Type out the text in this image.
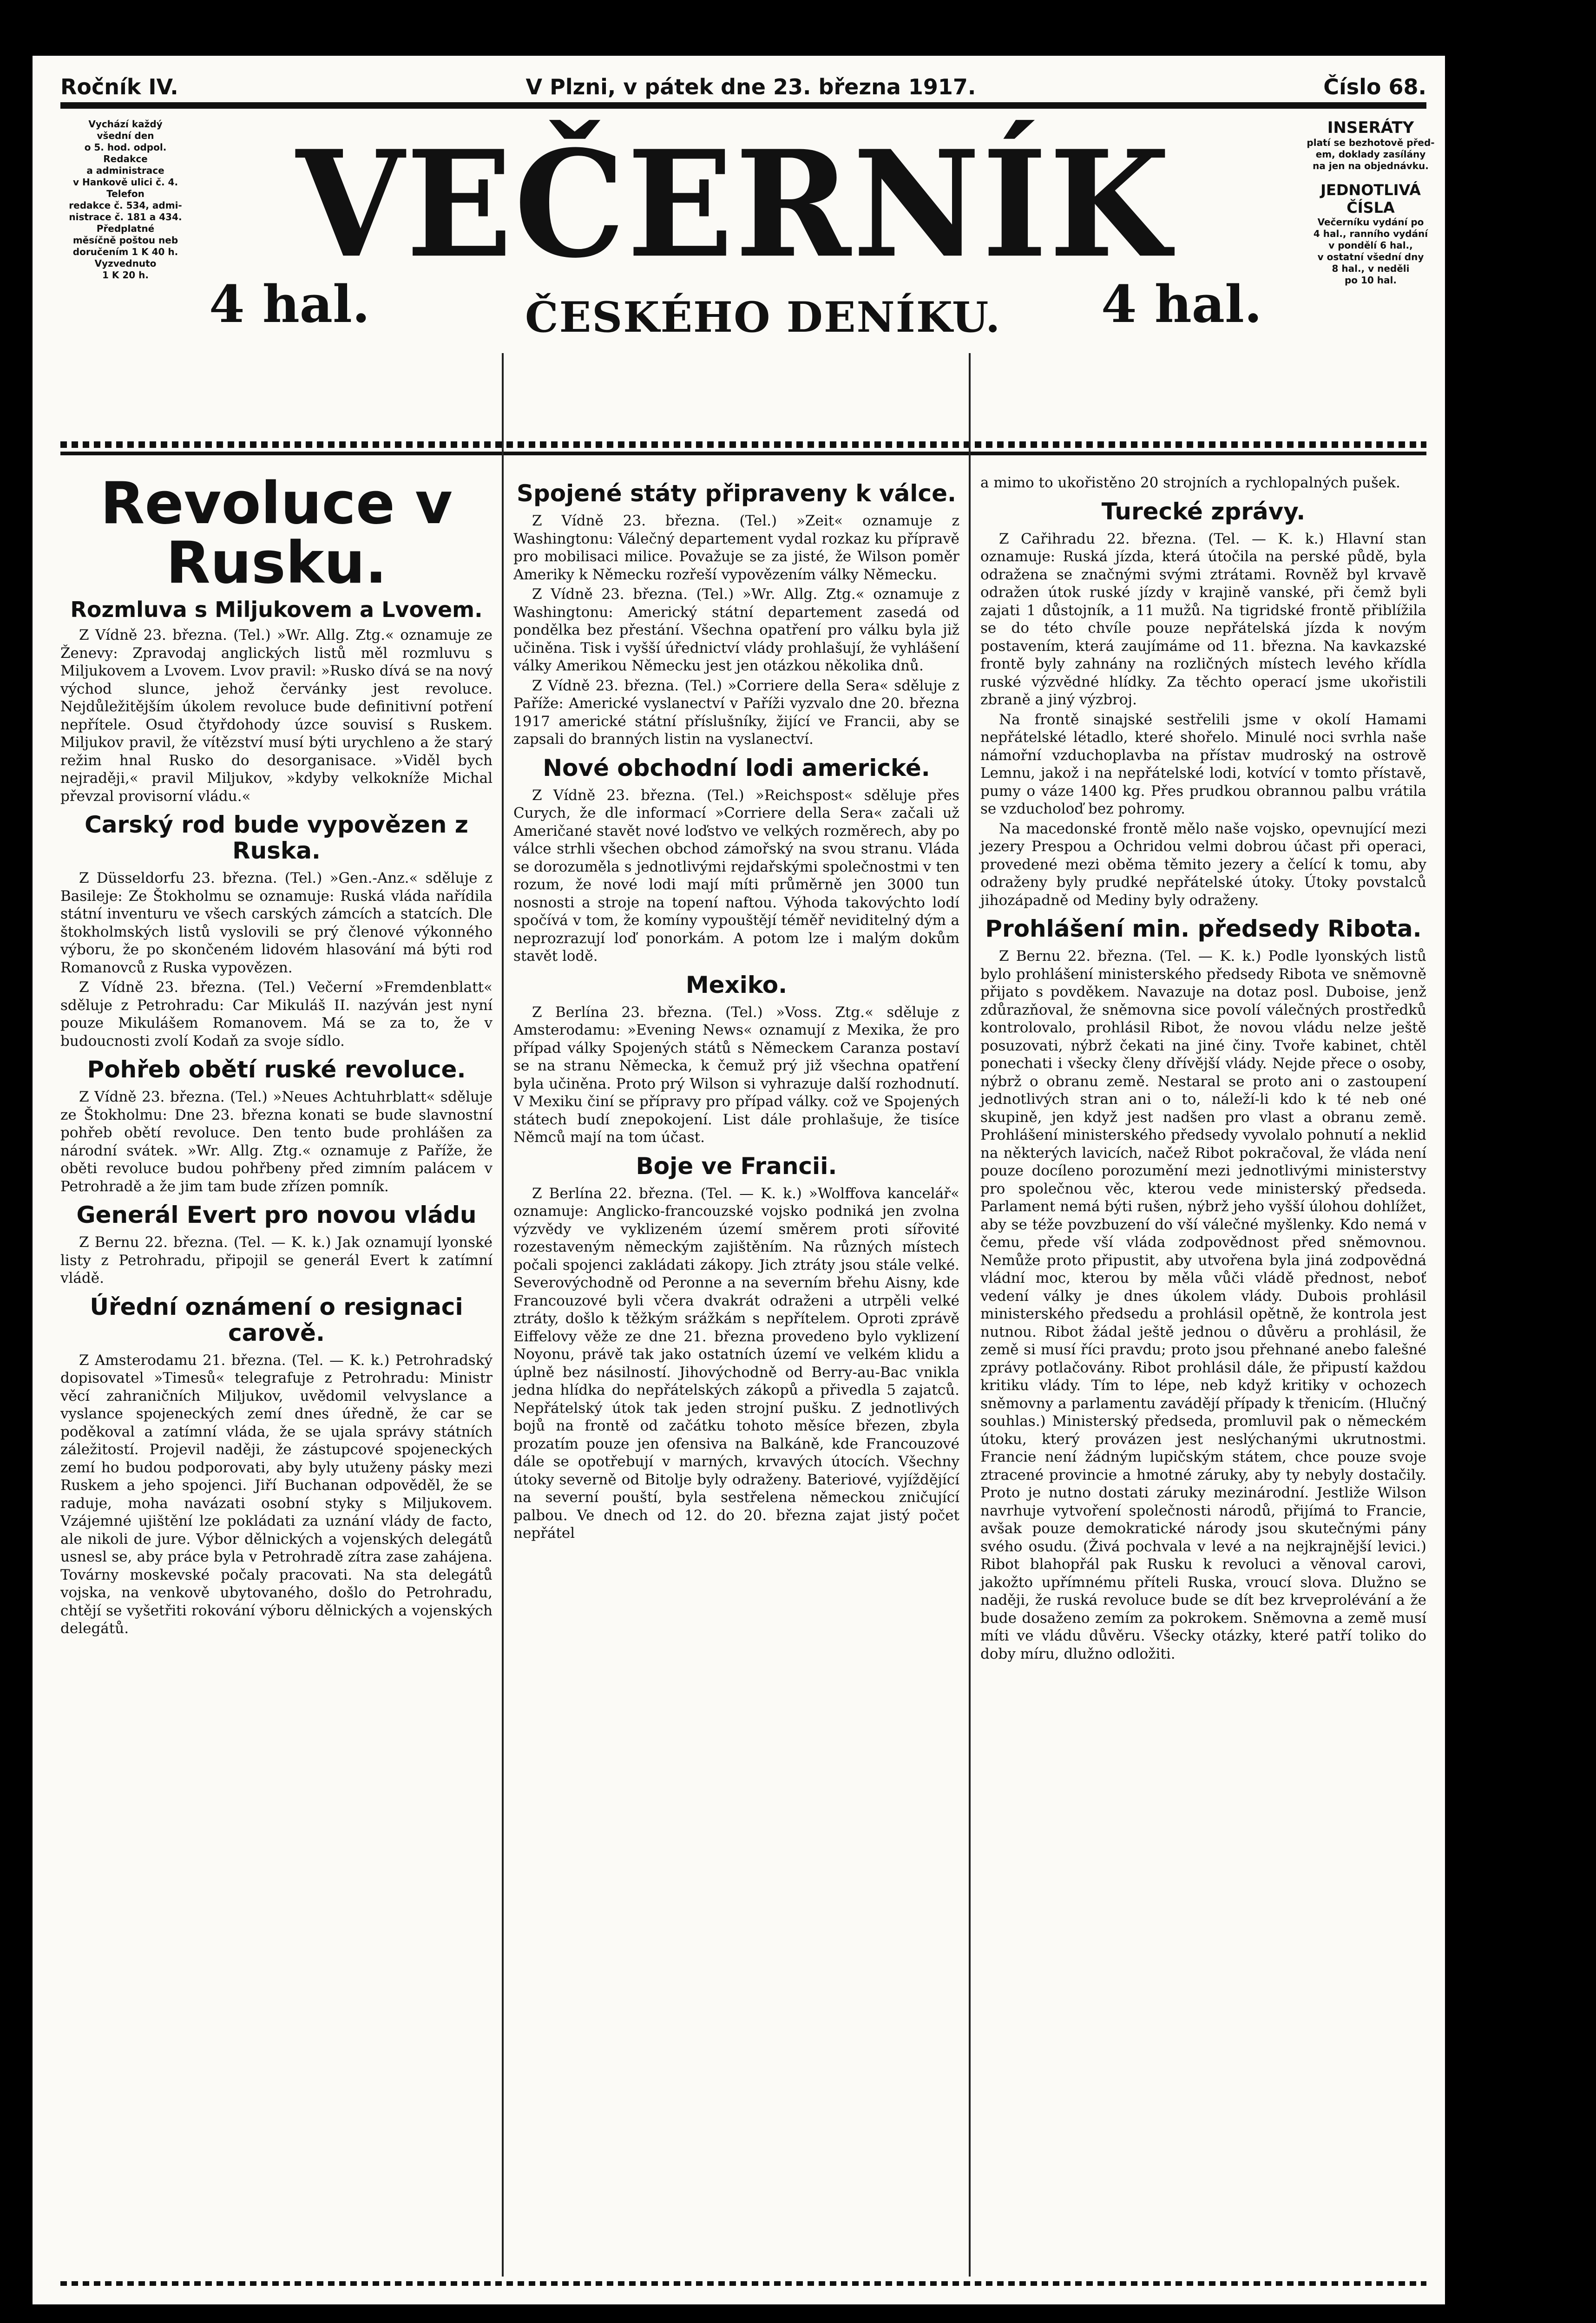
Ročník IV.	V Plzni, v pátek dne 23. března 1917.	Číslo 68.
Vychází každý
všední den
o 5. hod. odpol.
Redakce
a administrace
v Hankově ulici č. 4.
Telefon
redakce č. 534, admi-
nistrace č. 181 a 434.
Předplatné
měsíčně poštou neb
doručením 1 K 40 h.
Vyzvednuto
1 K 20 h.	VEČERNÍK
4 hal.	ČESKÉHO DENÍKU. 4 hal.
INSERÁTY
platí se bezhotově před-
em, doklady zasílány
na jen na objednávku.
JEDNOTLIVÁ ČÍSLA
Večerníku vydání po
4 hal., ranního vydání
v pondělí 6 hal.,
v ostatní všední dny
8 hal., v neděli
po 10 hal.
Revoluce v Rusku.
Rozmluva s Miljukovem a Lvovem.

Z Vídně 23. března. (Tel.) »Wr. Allg. Ztg.« oznamuje ze Ženevy: Zpravodaj anglických listů měl rozmluvu s Miljukovem a Lvovem. Lvov pravil: »Rusko dívá se na nový východ slunce, jehož červánky jest revoluce. Nejdůležitějším úkolem revoluce bude definitivní potření nepřítele. Osud čtyřdohody úzce souvisí s Ruskem. Miljukov pravil, že vítězství musí býti urychleno a že starý režim hnal Rusko do desorganisace. »Viděl bych nejraději,« pravil Miljukov, »kdyby velkokníže Michal převzal provisorní vládu.«

Carský rod bude vypovězen z Ruska.

Z Düsseldorfu 23. března. (Tel.) »Gen.-Anz.« sděluje z Basileje: Ze Štokholmu se oznamuje: Ruská vláda nařídila státní inventuru ve všech carských zámcích a statcích. Dle štokholmských listů vyslovili se prý členové výkonného výboru, že po skončeném lidovém hlasování má býti rod Romanovců z Ruska vypovězen.

Z Vídně 23. března. (Tel.) Večerní »Fremdenblatt« sděluje z Petrohradu: Car Mikuláš II. nazýván jest nyní pouze Mikulášem Romanovem. Má se za to, že v budoucnosti zvolí Kodaň za svoje sídlo.

Pohřeb obětí ruské revoluce.

Z Vídně 23. března. (Tel.) »Neues Achtuhrblatt« sděluje ze Štokholmu: Dne 23. března konati se bude slavnostní pohřeb obětí revoluce. Den tento bude prohlášen za národní svátek. »Wr. Allg. Ztg.« oznamuje z Paříže, že oběti revoluce budou pohřbeny před zimním palácem v Petrohradě a že jim tam bude zřízen pomník.

Generál Evert pro novou vládu

Z Bernu 22. března. (Tel. — K. k.) Jak oznamují lyonské listy z Petrohradu, připojil se generál Evert k zatímní vládě.

Úřední oznámení o resignaci carově.

Z Amsterodamu 21. března. (Tel. — K. k.) Petrohradský dopisovatel »Timesů« telegrafuje z Petrohradu: Ministr věcí zahraničních Miljukov, uvědomil velvyslance a vyslance spojeneckých zemí dnes úředně, že car se poděkoval a zatímní vláda, že se ujala správy státních záležitostí. Projevil naději, že zástupcové spojeneckých zemí ho budou podporovati, aby byly utuženy pásky mezi Ruskem a jeho spojenci. Jiří Buchanan odpověděl, že se raduje, moha navázati osobní styky s Miljukovem. Vzájemné ujištění lze pokládati za uznání vlády de facto, ale nikoli de jure. Výbor dělnických a vojenských delegátů usnesl se, aby práce byla v Petrohradě zítra zase zahájena. Továrny moskevské počaly pracovati. Na sta delegátů vojska, na venkově ubytovaného, došlo do Petrohradu, chtějí se vyšetřiti rokování výboru dělnických a vojenských delegátů.

Spojené státy připraveny k válce.

Z Vídně 23. března. (Tel.) »Zeit« oznamuje z Washingtonu: Válečný departement vydal rozkaz ku přípravě pro mobilisaci milice. Považuje se za jisté, že Wilson poměr Ameriky k Německu rozřeší vypovězením války Německu.

Z Vídně 23. března. (Tel.) »Wr. Allg. Ztg.« oznamuje z Washingtonu: Americký státní departement zasedá od pondělka bez přestání. Všechna opatření pro válku byla již učiněna. Tisk i vyšší úřednictví vlády prohlašují, že vyhlášení války Amerikou Německu jest jen otázkou několika dnů.

Z Vídně 23. března. (Tel.) »Corriere della Sera« sděluje z Paříže: Americké vyslanectví v Paříži vyzvalo dne 20. března 1917 americké státní příslušníky, žijící ve Francii, aby se zapsali do branných listin na vyslanectví.

Nové obchodní lodi americké.

Z Vídně 23. března. (Tel.) »Reichspost« sděluje přes Curych, že dle informací »Corriere della Sera« začali už Američané stavět nové loďstvo ve velkých rozměrech, aby po válce strhli všechen obchod zámořský na svou stranu. Vláda se dorozuměla s jednotlivými rejdařskými společnostmi v ten rozum, že nové lodi mají míti průměrně jen 3000 tun nosnosti a stroje na topení naftou. Výhoda takovýchto lodí spočívá v tom, že komíny vypouštějí téměř neviditelný dým a neprozrazují loď ponorkám. A potom lze i malým dokům stavět lodě.

Mexiko.

Z Berlína 23. března. (Tel.) »Voss. Ztg.« sděluje z Amsterodamu: »Evening News« oznamují z Mexika, že pro případ války Spojených států s Německem Caranza postaví se na stranu Německa, k čemuž prý již všechna opatření byla učiněna. Proto prý Wilson si vyhrazuje další rozhodnutí. V Mexiku činí se přípravy pro případ války. což ve Spojených státech budí znepokojení. List dále prohlašuje, že tisíce Němců mají na tom účast.

Boje ve Francii.

Z Berlína 22. března. (Tel. — K. k.) »Wolffova kancelář« oznamuje: Anglicko-francouzské vojsko podniká jen zvolna výzvědy ve vyklizeném území směrem proti sířovité rozestaveným německým zajištěním. Na různých místech počali spojenci zakládati zákopy. Jich ztráty jsou stále velké. Severovýchodně od Peronne a na severním břehu Aisny, kde Francouzové byli včera dvakrát odraženi a utrpěli velké ztráty, došlo k těžkým srážkám s nepřítelem. Oproti zprávě Eiffelovy věže ze dne 21. března provedeno bylo vyklizení Noyonu, právě tak jako ostatních území ve velkém klidu a úplně bez násilností. Jihovýchodně od Berry-au-Bac vnikla jedna hlídka do nepřátelských zákopů a přivedla 5 zajatců. Nepřátelský útok tak jeden strojní pušku. Z jednotlivých bojů na frontě od začátku tohoto měsíce březen, zbyla prozatím pouze jen ofensiva na Balkáně, kde Francouzové dále se opotřebují v marných, krvavých útocích. Všechny útoky severně od Bitolje byly odraženy. Bateriové, vyjíždějící na severní pouští, byla sestřelena německou zničující palbou. Ve dnech od 12. do 20. března zajat jistý počet nepřátel

a mimo to ukořistěno 20 strojních a rychlopalných pušek.

Turecké zprávy.

Z Cařihradu 22. března. (Tel. — K. k.) Hlavní stan oznamuje: Ruská jízda, která útočila na perské půdě, byla odražena se značnými svými ztrátami. Rovněž byl krvavě odražen útok ruské jízdy v krajině vanské, při čemž byli zajati 1 důstojník, a 11 mužů. Na tigridské frontě přiblížila se do této chvíle pouze nepřátelská jízda k novým postavením, která zaujímáme od 11. března. Na kavkazské frontě byly zahnány na rozličných místech levého křídla ruské výzvědné hlídky. Za těchto operací jsme ukořistili zbraně a jiný výzbroj.

Na frontě sinajské sestřelili jsme v okolí Hamami nepřátelské létadlo, které shořelo. Minulé noci svrhla naše námořní vzduchoplavba na přístav mudroský na ostrově Lemnu, jakož i na nepřátelské lodi, kotvící v tomto přístavě, pumy o váze 1400 kg. Přes prudkou obrannou palbu vrátila se vzducholoď bez pohromy.

Na macedonské frontě mělo naše vojsko, opevnující mezi jezery Prespou a Ochridou velmi dobrou účast při operaci, provedené mezi oběma těmito jezery a čelící k tomu, aby odraženy byly prudké nepřátelské útoky. Útoky povstalců jihozápadně od Mediny byly odraženy.

Prohlášení min. předsedy Ribota.

Z Bernu 22. března. (Tel. — K. k.) Podle lyonských listů bylo prohlášení ministerského předsedy Ribota ve sněmovně přijato s povděkem. Navazuje na dotaz posl. Duboise, jenž zdůrazňoval, že sněmovna sice povolí válečných prostředků kontrolovalo, prohlásil Ribot, že novou vládu nelze ještě posuzovati, nýbrž čekati na jiné činy. Tvoře kabinet, chtěl ponechati i všecky členy dřívější vlády. Nejde přece o osoby, nýbrž o obranu země. Nestaral se proto ani o zastoupení jednotlivých stran ani o to, náleží-li kdo k té neb oné skupině, jen když jest nadšen pro vlast a obranu země. Prohlášení ministerského předsedy vyvolalo pohnutí a neklid na některých lavicích, načež Ribot pokračoval, že vláda není pouze docíleno porozumění mezi jednotlivými ministerstvy pro společnou věc, kterou vede ministerský předseda. Parlament nemá býti rušen, nýbrž jeho vyšší úlohou dohlížet, aby se téže povzbuzení do vší válečné myšlenky. Kdo nemá v čemu, přede vší vláda zodpovědnost před sněmovnou. Nemůže proto připustit, aby utvořena byla jiná zodpovědná vládní moc, kterou by měla vůči vládě přednost, neboť vedení války je dnes úkolem vlády. Dubois prohlásil ministerského předsedu a prohlásil opětně, že kontrola jest nutnou. Ribot žádal ještě jednou o důvěru a prohlásil, že země si musí říci pravdu; proto jsou přehnané anebo falešné zprávy potlačovány. Ribot prohlásil dále, že připustí každou kritiku vlády. Tím to lépe, neb když kritiky v ochozech sněmovny a parlamentu zavádějí případy k třenicím. (Hlučný souhlas.) Ministerský předseda, promluvil pak o německém útoku, který provázen jest neslýchanými ukrutnostmi. Francie není žádným lupičským státem, chce pouze svoje ztracené provincie a hmotné záruky, aby ty nebyly dostačily. Proto je nutno dostati záruky mezinárodní. Jestliže Wilson navrhuje vytvoření společnosti národů, přijímá to Francie, avšak pouze demokratické národy jsou skutečnými pány svého osudu. (Živá pochvala v levé a na nejkrajnější levici.) Ribot blahopřál pak Rusku k revoluci a věnoval carovi, jakožto upřímnému příteli Ruska, vroucí slova. Dlužno se naději, že ruská revoluce bude se dít bez krveprolévání a že bude dosaženo zemím za pokrokem. Sněmovna a země musí míti ve vládu důvěru. Všecky otázky, které patří toliko do doby míru, dlužno odložiti.
